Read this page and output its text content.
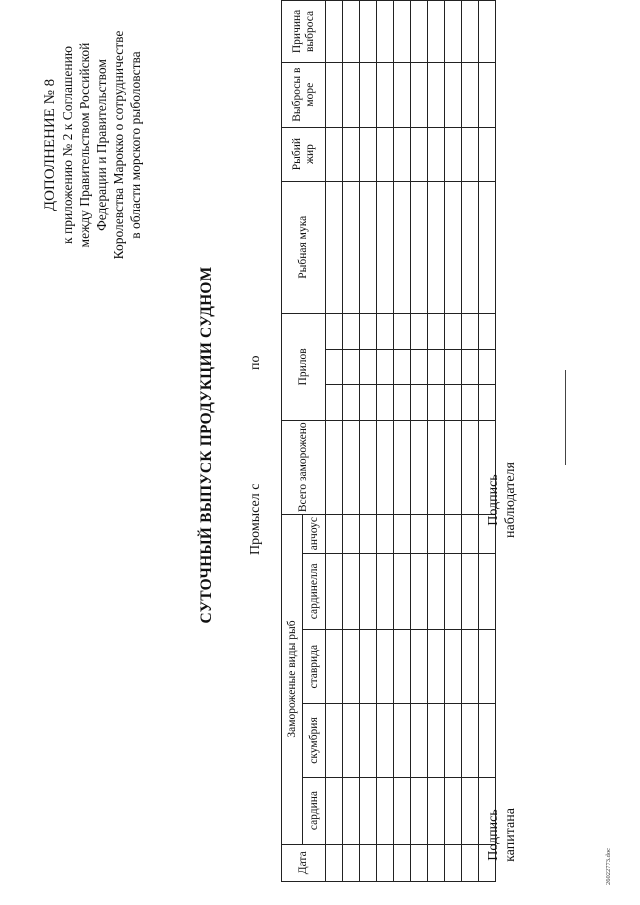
ДОПОЛНЕНИЕ № 8 к приложению № 2 к Соглашению между Правительством Российской Федерации и Правительством Королевства Марокко о сотрудничестве в области морского рыболовства
СУТОЧНЫЙ ВЫПУСК ПРОДУКЦИИ СУДНОМ Промысел с
по
Дата	Замороженые виды рыб					Всего заморожено	Прилов			Рыбная мука	Рыбий жир	Выбросы в море	Причина выброса
	сардина	скумбрия	ставрида	сардинелла	анчоус								

Подпись капитана
Подпись наблюдателя
26022773.doc
